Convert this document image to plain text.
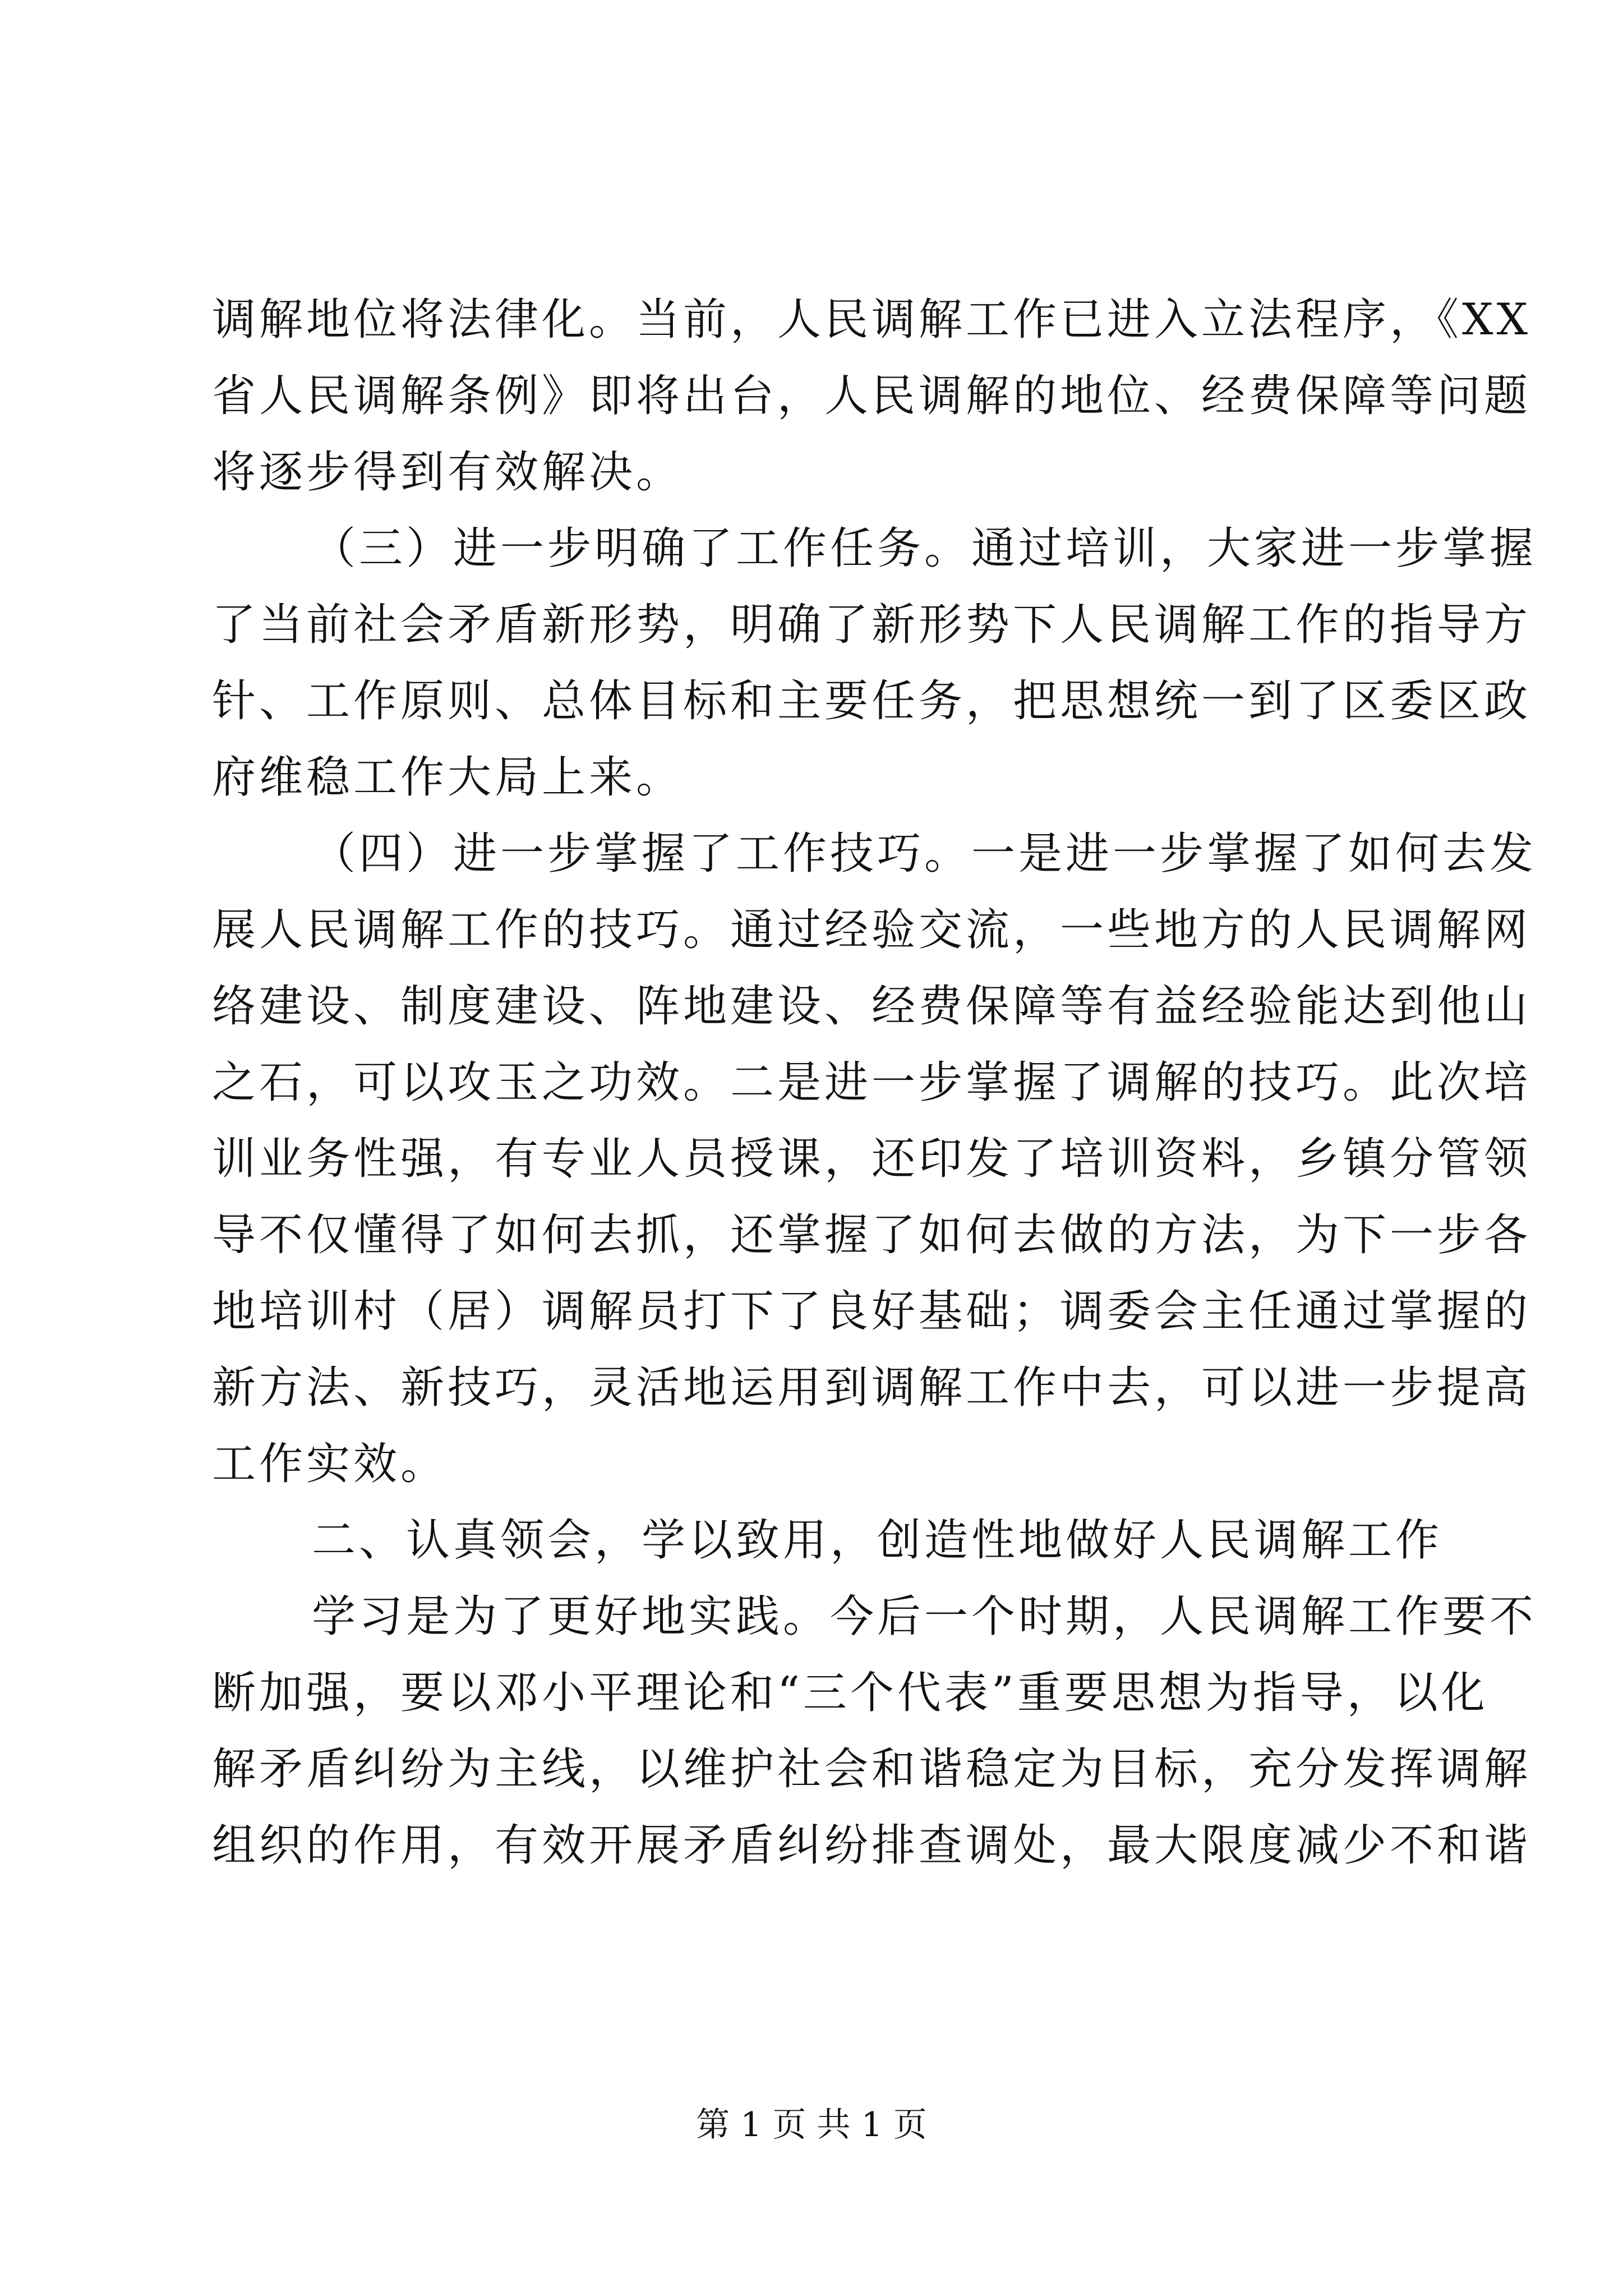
调解地位将法律化。当前，人民调解工作已进入立法程序，《XX
省人民调解条例》即将出台，人民调解的地位、经费保障等问题
将逐步得到有效解决。
（三）进一步明确了工作任务。通过培训，大家进一步掌握
了当前社会矛盾新形势，明确了新形势下人民调解工作的指导方
针、工作原则、总体目标和主要任务，把思想统一到了区委区政
府维稳工作大局上来。
（四）进一步掌握了工作技巧。一是进一步掌握了如何去发
展人民调解工作的技巧。通过经验交流，一些地方的人民调解网
络建设、制度建设、阵地建设、经费保障等有益经验能达到他山
之石，可以攻玉之功效。二是进一步掌握了调解的技巧。此次培
训业务性强，有专业人员授课，还印发了培训资料，乡镇分管领
导不仅懂得了如何去抓，还掌握了如何去做的方法，为下一步各
地培训村（居）调解员打下了良好基础；调委会主任通过掌握的
新方法、新技巧，灵活地运用到调解工作中去，可以进一步提高
工作实效。
二、认真领会，学以致用，创造性地做好人民调解工作
学习是为了更好地实践。今后一个时期，人民调解工作要不
断加强，要以邓小平理论和“三个代表”重要思想为指导，以化
解矛盾纠纷为主线，以维护社会和谐稳定为目标，充分发挥调解
组织的作用，有效开展矛盾纠纷排查调处，最大限度减少不和谐
第 1 页 共 1 页
